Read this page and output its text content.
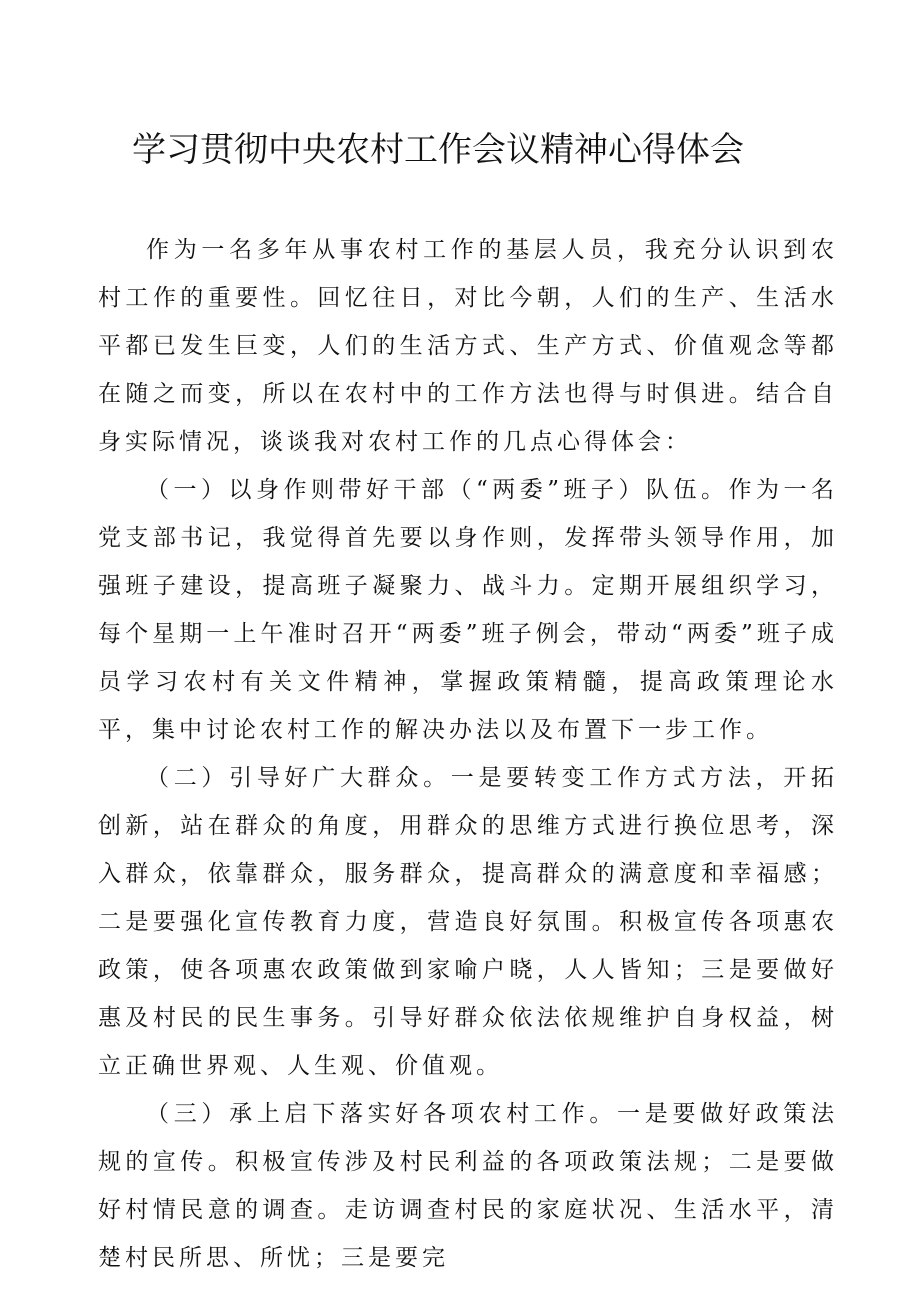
学习贯彻中央农村工作会议精神心得体会

作为一名多年从事农村工作的基层人员，我充分认识到农村工作的重要性。回忆往日，对比今朝，人们的生产、生活水平都已发生巨变，人们的生活方式、生产方式、价值观念等都在随之而变，所以在农村中的工作方法也得与时俱进。结合自身实际情况，谈谈我对农村工作的几点心得体会：

（一）以身作则带好干部（“两委”班子）队伍。作为一名党支部书记，我觉得首先要以身作则，发挥带头领导作用，加强班子建设，提高班子凝聚力、战斗力。定期开展组织学习，每个星期一上午准时召开“两委”班子例会，带动“两委”班子成员学习农村有关文件精神，掌握政策精髓，提高政策理论水平，集中讨论农村工作的解决办法以及布置下一步工作。

（二）引导好广大群众。一是要转变工作方式方法，开拓创新，站在群众的角度，用群众的思维方式进行换位思考，深入群众，依靠群众，服务群众，提高群众的满意度和幸福感；二是要强化宣传教育力度，营造良好氛围。积极宣传各项惠农政策，使各项惠农政策做到家喻户晓，人人皆知；三是要做好惠及村民的民生事务。引导好群众依法依规维护自身权益，树立正确世界观、人生观、价值观。

（三）承上启下落实好各项农村工作。一是要做好政策法规的宣传。积极宣传涉及村民利益的各项政策法规；二是要做好村情民意的调查。走访调查村民的家庭状况、生活水平，清楚村民所思、所忧；三是要完
